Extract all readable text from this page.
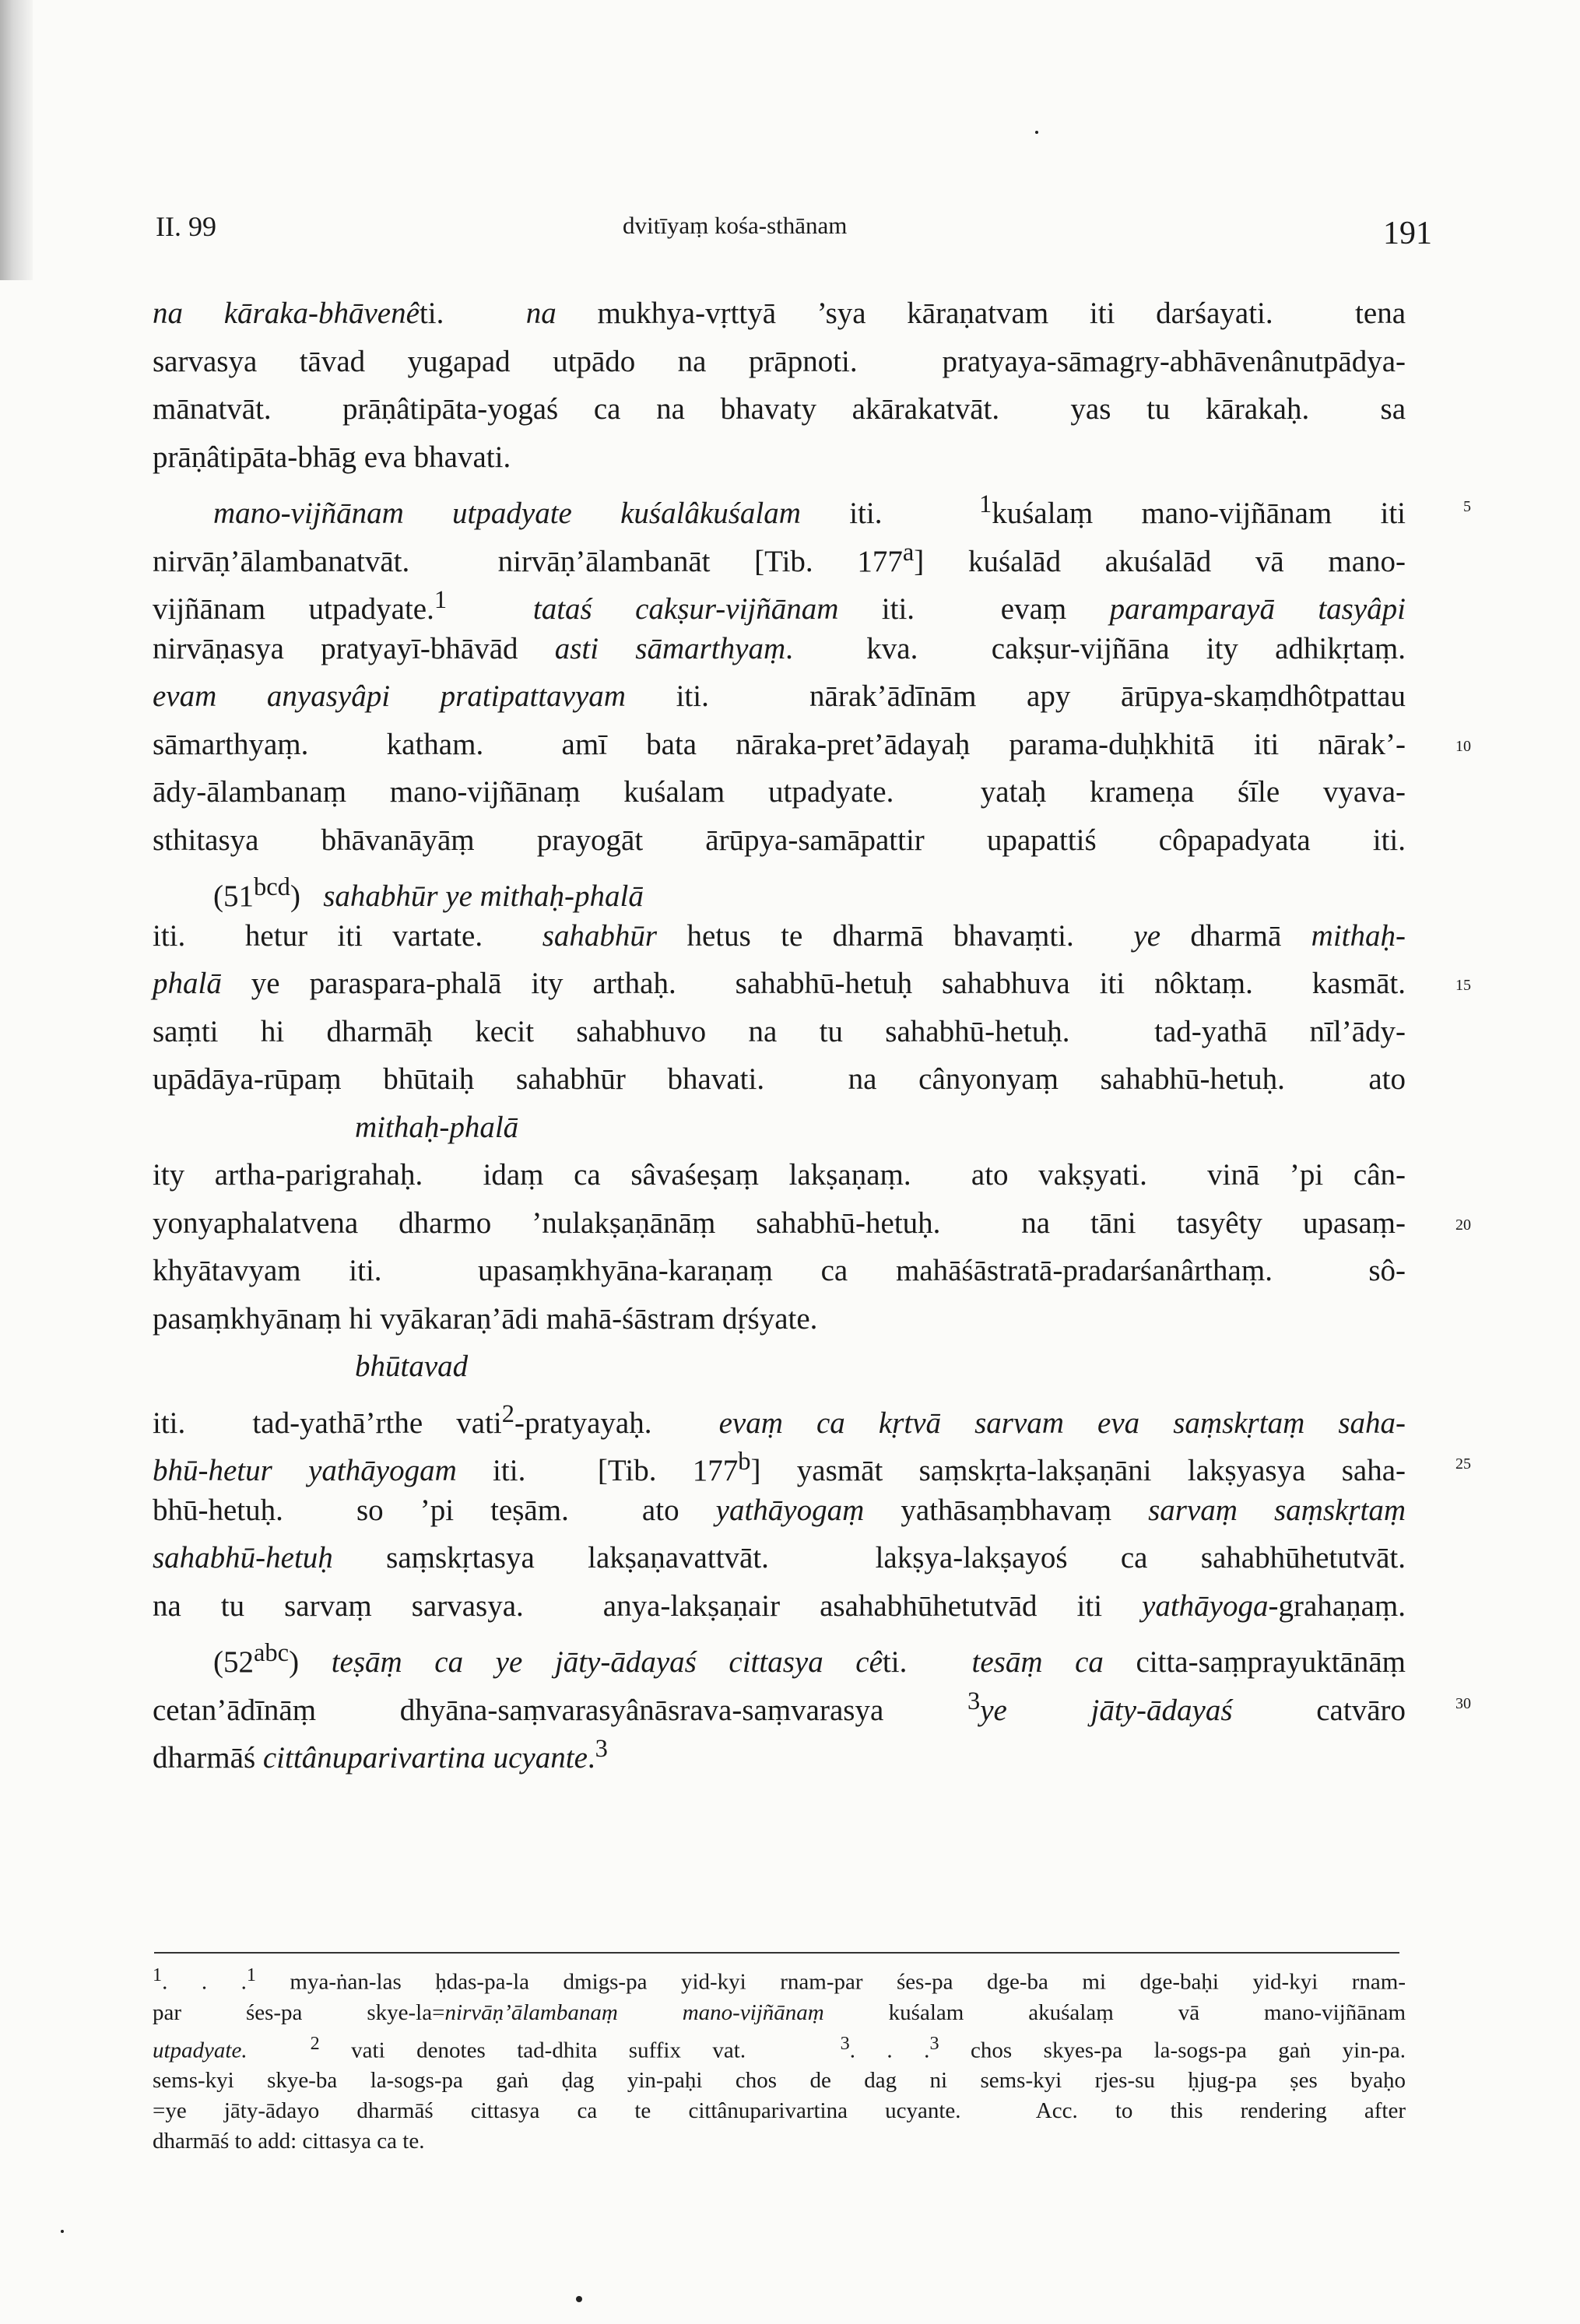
II. 99	dvitīyaṃ kośa-sthānam	191
na kāraka-bhāvenêti.  na mukhya-vṛttyā ’sya kāraṇatvam iti darśayati.  tena
sarvasya tāvad yugapad utpādo na prāpnoti.  pratyaya-sāmagry-abhāvenânutpādya-
mānatvāt.  prāṇâtipāta-yogaś ca na bhavaty akārakatvāt.  yas tu kārakaḥ.  sa
prāṇâtipāta-bhāg eva bhavati.
mano-vijñānam utpadyate kuśalâkuśalam iti.  $^1$kuśalaṃ mano-vijñānam iti
nirvāṇ’ālambanatvāt.  nirvāṇ’ālambanāt [Tib. 177$^a$] kuśalād akuśalād vā mano-
vijñānam utpadyate.$^1$	tataś cakṣur-vijñānam iti.  evaṃ paramparayā tasyâpi
nirvāṇasya pratyayī-bhāvād asti sāmarthyaṃ.  kva.  cakṣur-vijñāna ity adhikṛtaṃ.
evam anyasyâpi pratipattavyam iti.  nārak’ādīnām apy ārūpya-skaṃdhôtpattau
sāmarthyaṃ.  katham.  amī bata nāraka-pret’ādayaḥ parama-duḥkhitā iti nārak’-
ādy-ālambanaṃ mano-vijñānaṃ kuśalam utpadyate.  yataḥ krameṇa śīle vyava-
sthitasya bhāvanāyāṃ prayogāt ārūpya-samāpattir upapattiś côpapadyata iti.
$(51^{bcd})$   sahabhūr ye mithaḥ-phalā
iti.  hetur iti vartate.  sahabhūr hetus te dharmā bhavaṃti.  ye dharmā mithaḥ-
phalā ye paraspara-phalā ity arthaḥ.  sahabhū-hetuḥ sahabhuva iti nôktaṃ.  kasmāt.
saṃti hi dharmāḥ kecit sahabhuvo na tu sahabhū-hetuḥ.  tad-yathā nīl’ādy-
upādāya-rūpaṃ bhūtaiḥ sahabhūr bhavati.  na cânyonyaṃ sahabhū-hetuḥ.  ato
mithaḥ-phalā
ity artha-parigrahaḥ.  idaṃ ca sâvaśeṣaṃ lakṣaṇaṃ.  ato vakṣyati.  vinā ’pi cân-
yonyaphalatvena dharmo ’nulakṣaṇānāṃ sahabhū-hetuḥ.  na tāni tasyêty upasaṃ-
khyātavyam iti.  upasaṃkhyāna-karaṇaṃ ca mahāśāstratā-pradarśanârthaṃ.  sô-
pasaṃkhyānaṃ hi vyākaraṇ’ādi mahā-śāstram dṛśyate.
bhūtavad
iti.  tad-yathā’rthe vati$^2$-pratyayaḥ.  evaṃ ca kṛtvā sarvam eva saṃskṛtaṃ saha-
bhū-hetur yathāyogam iti.  [Tib. 177$^b$] yasmāt saṃskṛta-lakṣaṇāni lakṣyasya saha-
bhū-hetuḥ.  so ’pi teṣām.  ato yathāyogaṃ yathāsaṃbhavaṃ sarvaṃ saṃskṛtaṃ
sahabhū-hetuḥ saṃskṛtasya lakṣaṇavattvāt.  lakṣya-lakṣayoś ca sahabhūhetutvāt.
na tu sarvaṃ sarvasya.  anya-lakṣaṇair asahabhūhetutvād iti yathāyoga-grahaṇaṃ.
$(52^{abc})$ teṣāṃ ca ye jāty-ādayaś cittasya cêti.  tesāṃ ca citta-saṃprayuktānāṃ
cetan’ādīnāṃ  dhyāna-saṃvarasyânāsrava-saṃvarasya  $^3$ye  jāty-ādayaś  catvāro
dharmāś cittânuparivartina ucyante.$^3$
$^1$. . .$^1$ mya-ṅan-las ḥdas-pa-la dmigs-pa yid-kyi rnam-par śes-pa dge-ba mi dge-baḥi yid-kyi rnam-
par śes-pa skye-la=nirvāṇ’ālambanaṃ mano-vijñānaṃ kuśalam akuśalaṃ vā mano-vijñānam
utpadyate.	$^2$ vati denotes tad-dhita suffix vat.   $^3$. . .$^3$ chos skyes-pa la-sogs-pa gaṅ yin-pa.
sems-kyi skye-ba la-sogs-pa gaṅ ḍag yin-paḥi chos de dag ni sems-kyi rjes-su ḥjug-pa ṣes byaḥo
=ye jāty-ādayo dharmāś cittasya ca te cittânuparivartina ucyante.  Acc. to this rendering after
dharmāś to add: cittasya ca te.
5
10
15
20
25
30
